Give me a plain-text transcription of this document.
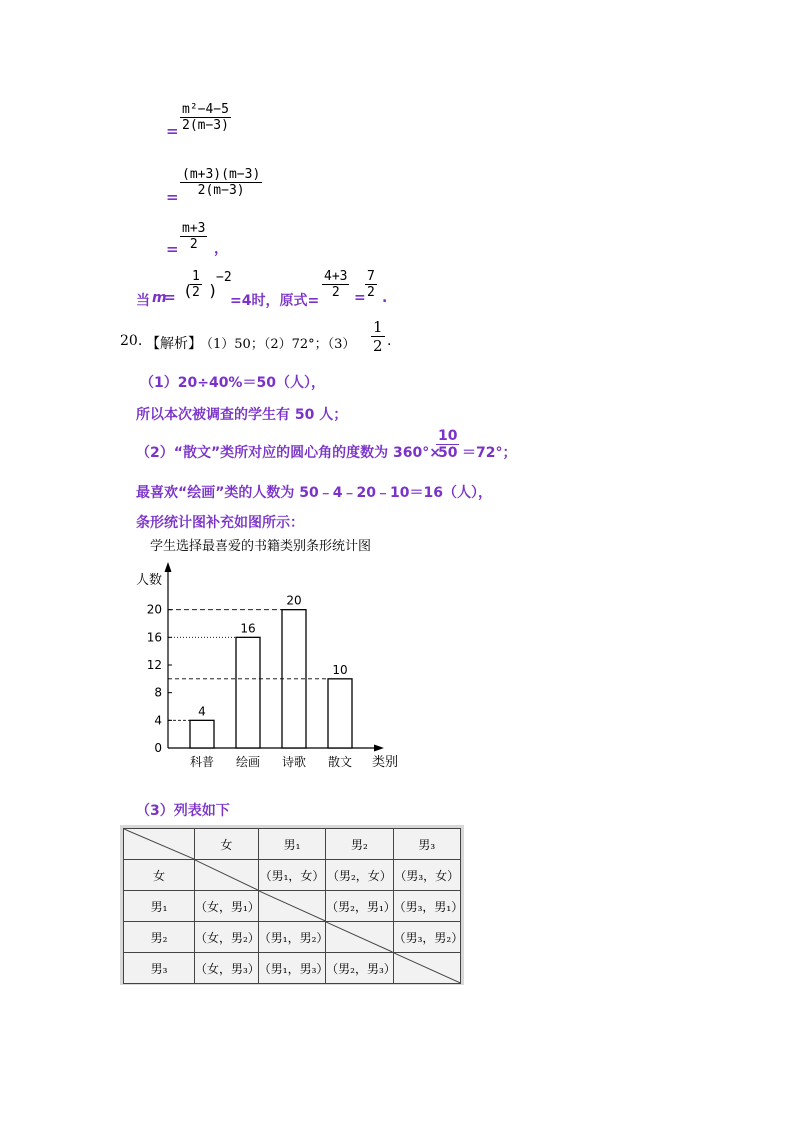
$\frac{\text{m²−4−5}}{2(m-3)}$
=
$\frac{(m+3)(m-3)}{2(m-3)}$
=
$\frac{m+3}{2}$
=	，
当 m
= (
$\frac{1}{2}$ )
−2
=4时，原式=
$\frac{4+3}{2} = \frac{7}{2}$ .
20. 【解析】
（1）50；（2）72°；$(3) \frac{1}{2}$ .
（1）20÷40%＝50（人），
所以本次被调查的学生有 50 人；
（2）“散文”类所对应的圆心角的度数为 360°×
$\frac{10}{50} =72^\circ$；
最喜欢“绘画”类的人数为 50﹣4﹣20﹣10＝16（人），
条形统计图补充如图所示：
学生选择最喜爱的书籍类别条形统计图
人数
类别
0
4
8
12
16
20
4
科普
16
绘画
20
诗歌
10
散文
（3）列表如下
	女	男₁	男₂	男₃
女		（男₁，女）	（男₂，女）	（男₃，女）
男₁	（女，男₁）		（男₂，男₁）	（男₃，男₁）
男₂	（女，男₂）	（男₁，男₂）		（男₃，男₂）
男₃	（女，男₃）	（男₁，男₃）	（男₂，男₃）	
